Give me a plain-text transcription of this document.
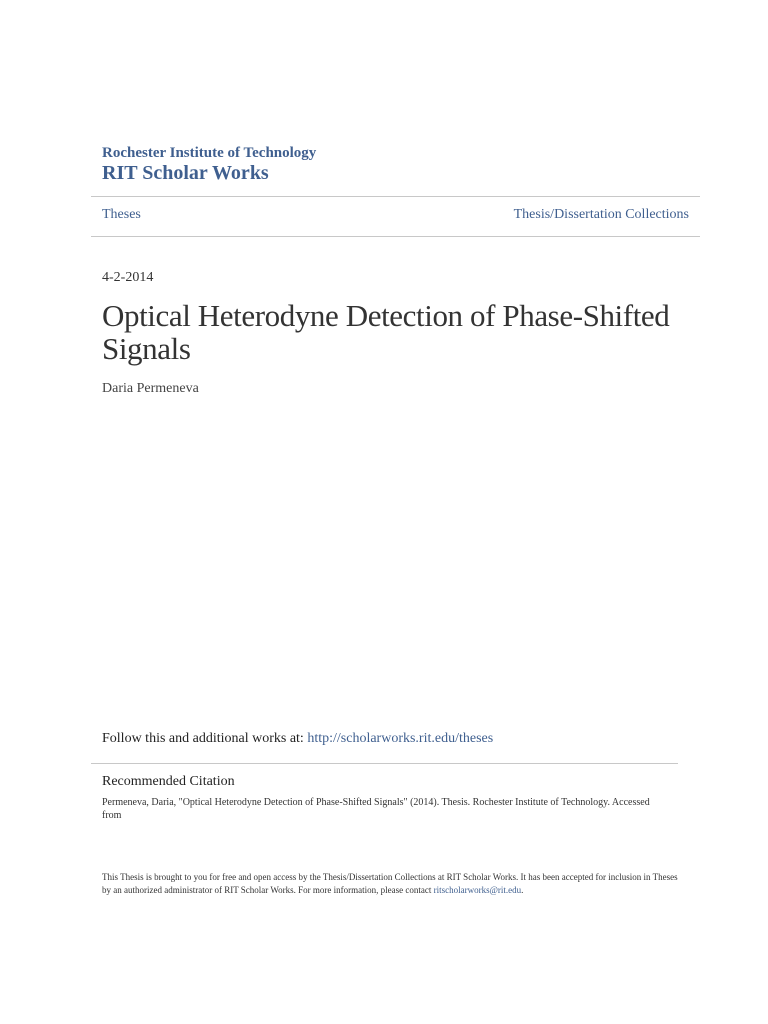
Rochester Institute of Technology
RIT Scholar Works
Theses	Thesis/Dissertation Collections
4-2-2014
Optical Heterodyne Detection of Phase-Shifted Signals
Daria Permeneva
Follow this and additional works at: http://scholarworks.rit.edu/theses
Recommended Citation
Permeneva, Daria, "Optical Heterodyne Detection of Phase-Shifted Signals" (2014). Thesis. Rochester Institute of Technology. Accessed from
This Thesis is brought to you for free and open access by the Thesis/Dissertation Collections at RIT Scholar Works. It has been accepted for inclusion in Theses by an authorized administrator of RIT Scholar Works. For more information, please contact ritscholarworks@rit.edu.
